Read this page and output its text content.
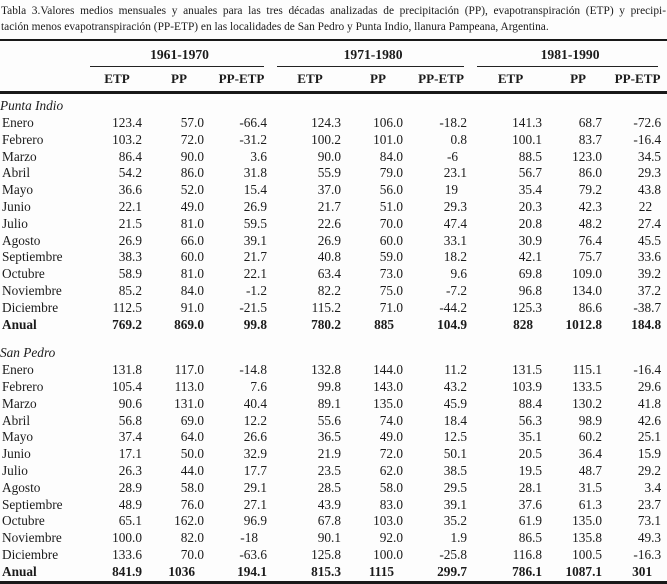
Tabla 3.Valores medios mensuales y anuales para las tres décadas analizadas de precipitación (PP), evapotranspiración (ETP) y precipi-
tación menos evapotranspiración (PP-ETP) en las localidades de San Pedro y Punta Indio, llanura Pampeana, Argentina.
	1961-1970			1971-1980			1981-1990		
	ETP	PP	PP-ETP	ETP	PP	PP-ETP	ETP	PP	PP-ETP
Punta Indio									
Enero	123.4	57.0	-66.4	124.3	106.0	-18.2	141.3	68.7	-72.6
Febrero	103.2	72.0	-31.2	100.2	101.0	0.8	100.1	83.7	-16.4
Marzo	86.4	90.0	3.6	90.0	84.0	-6	88.5	123.0	34.5
Abril	54.2	86.0	31.8	55.9	79.0	23.1	56.7	86.0	29.3
Mayo	36.6	52.0	15.4	37.0	56.0	19	35.4	79.2	43.8
Junio	22.1	49.0	26.9	21.7	51.0	29.3	20.3	42.3	22
Julio	21.5	81.0	59.5	22.6	70.0	47.4	20.8	48.2	27.4
Agosto	26.9	66.0	39.1	26.9	60.0	33.1	30.9	76.4	45.5
Septiembre	38.3	60.0	21.7	40.8	59.0	18.2	42.1	75.7	33.6
Octubre	58.9	81.0	22.1	63.4	73.0	9.6	69.8	109.0	39.2
Noviembre	85.2	84.0	-1.2	82.2	75.0	-7.2	96.8	134.0	37.2
Diciembre	112.5	91.0	-21.5	115.2	71.0	-44.2	125.3	86.6	-38.7
Anual	769.2	869.0	99.8	780.2	885	104.9	828	1012.8	184.8

San Pedro									
Enero	131.8	117.0	-14.8	132.8	144.0	11.2	131.5	115.1	-16.4
Febrero	105.4	113.0	7.6	99.8	143.0	43.2	103.9	133.5	29.6
Marzo	90.6	131.0	40.4	89.1	135.0	45.9	88.4	130.2	41.8
Abril	56.8	69.0	12.2	55.6	74.0	18.4	56.3	98.9	42.6
Mayo	37.4	64.0	26.6	36.5	49.0	12.5	35.1	60.2	25.1
Junio	17.1	50.0	32.9	21.9	72.0	50.1	20.5	36.4	15.9
Julio	26.3	44.0	17.7	23.5	62.0	38.5	19.5	48.7	29.2
Agosto	28.9	58.0	29.1	28.5	58.0	29.5	28.1	31.5	3.4
Septiembre	48.9	76.0	27.1	43.9	83.0	39.1	37.6	61.3	23.7
Octubre	65.1	162.0	96.9	67.8	103.0	35.2	61.9	135.0	73.1
Noviembre	100.0	82.0	-18	90.1	92.0	1.9	86.5	135.8	49.3
Diciembre	133.6	70.0	-63.6	125.8	100.0	-25.8	116.8	100.5	-16.3
Anual	841.9	1036	194.1	815.3	1115	299.7	786.1	1087.1	301
